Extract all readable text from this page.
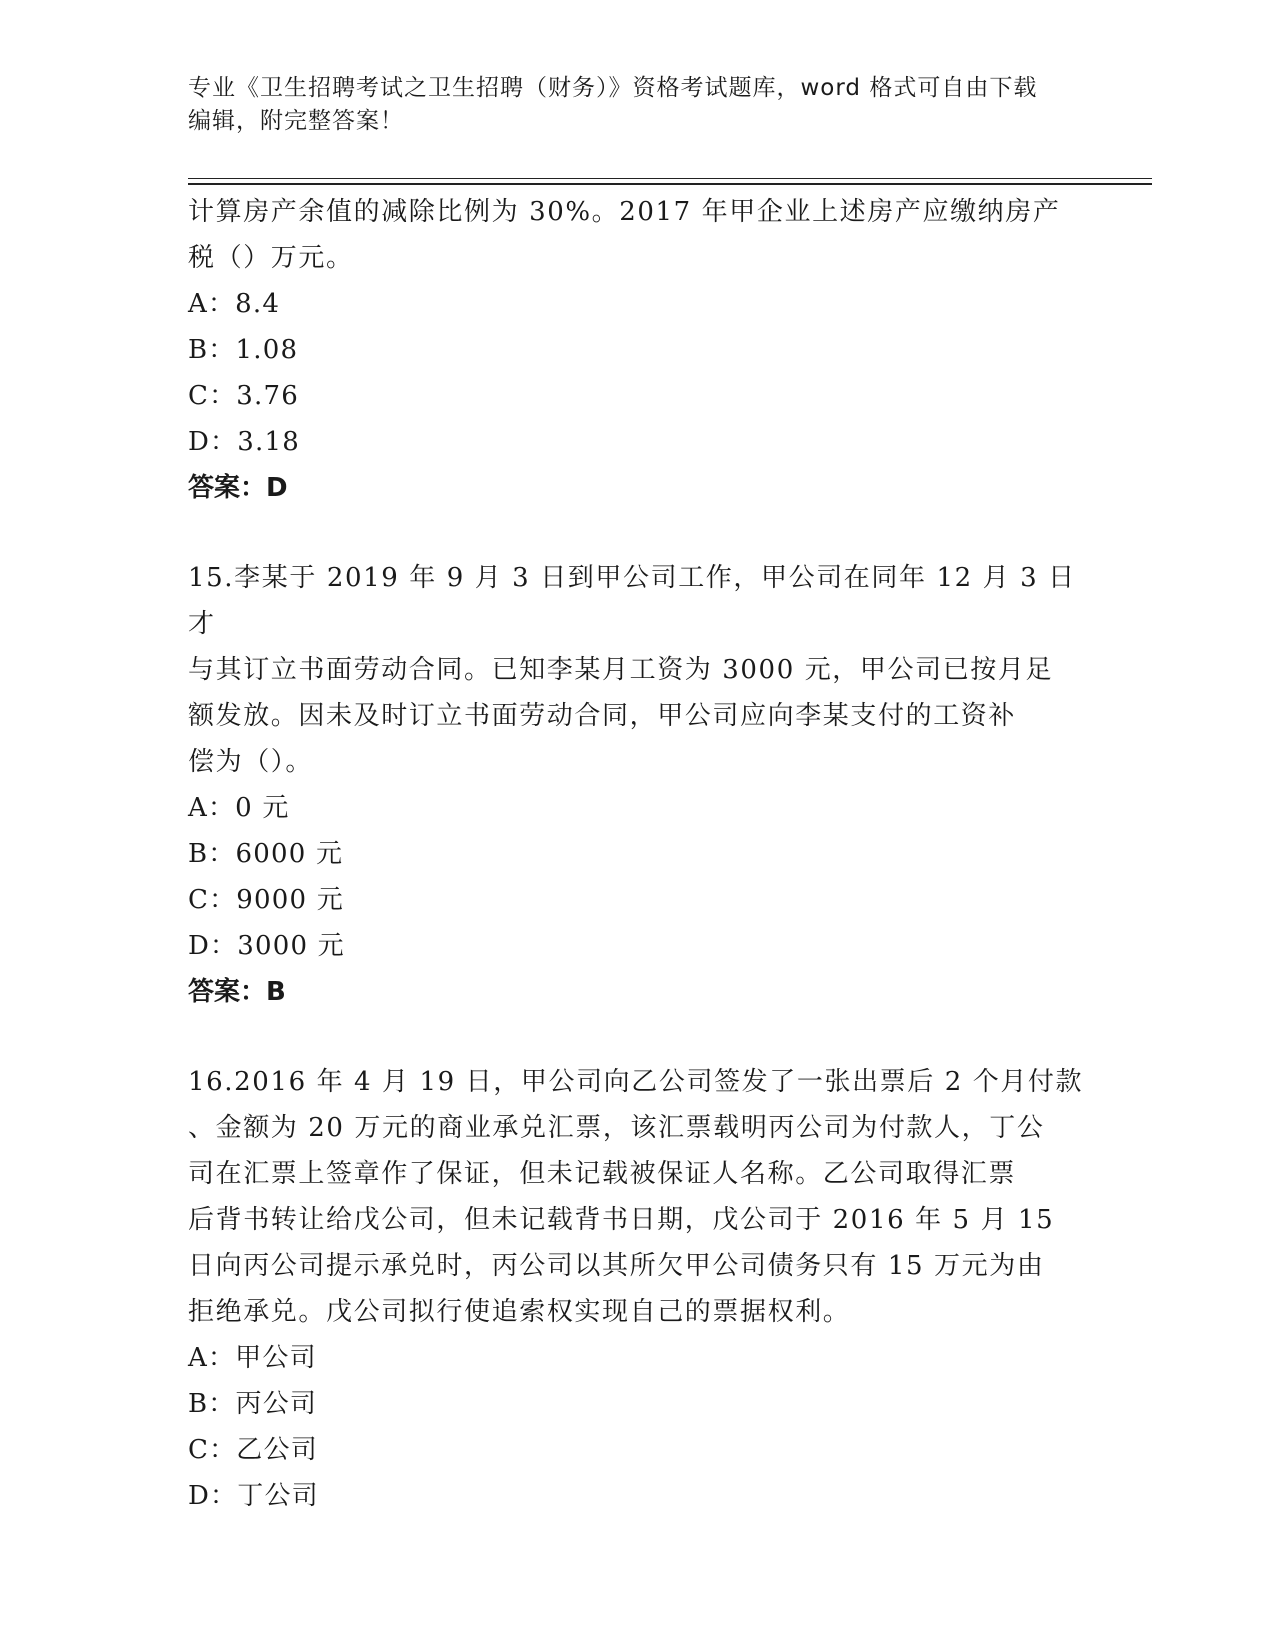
专业《卫生招聘考试之卫生招聘（财务）》资格考试题库，word 格式可自由下载
编辑，附完整答案！

计算房产余值的减除比例为 30%。2017 年甲企业上述房产应缴纳房产

税（）万元。

A：8.4

B：1.08

C：3.76

D：3.18

答案：D

15.李某于 2019 年 9 月 3 日到甲公司工作，甲公司在同年 12 月 3 日才

与其订立书面劳动合同。已知李某月工资为 3000 元，甲公司已按月足

额发放。因未及时订立书面劳动合同，甲公司应向李某支付的工资补

偿为（）。

A：0 元

B：6000 元

C：9000 元

D：3000 元

答案：B

16.2016 年 4 月 19 日，甲公司向乙公司签发了一张出票后 2 个月付款

、金额为 20 万元的商业承兑汇票，该汇票载明丙公司为付款人，丁公

司在汇票上签章作了保证，但未记载被保证人名称。乙公司取得汇票

后背书转让给戊公司，但未记载背书日期，戊公司于 2016 年 5 月 15

日向丙公司提示承兑时，丙公司以其所欠甲公司债务只有 15 万元为由

拒绝承兑。戊公司拟行使追索权实现自己的票据权利。

A：甲公司

B：丙公司

C：乙公司

D：丁公司
